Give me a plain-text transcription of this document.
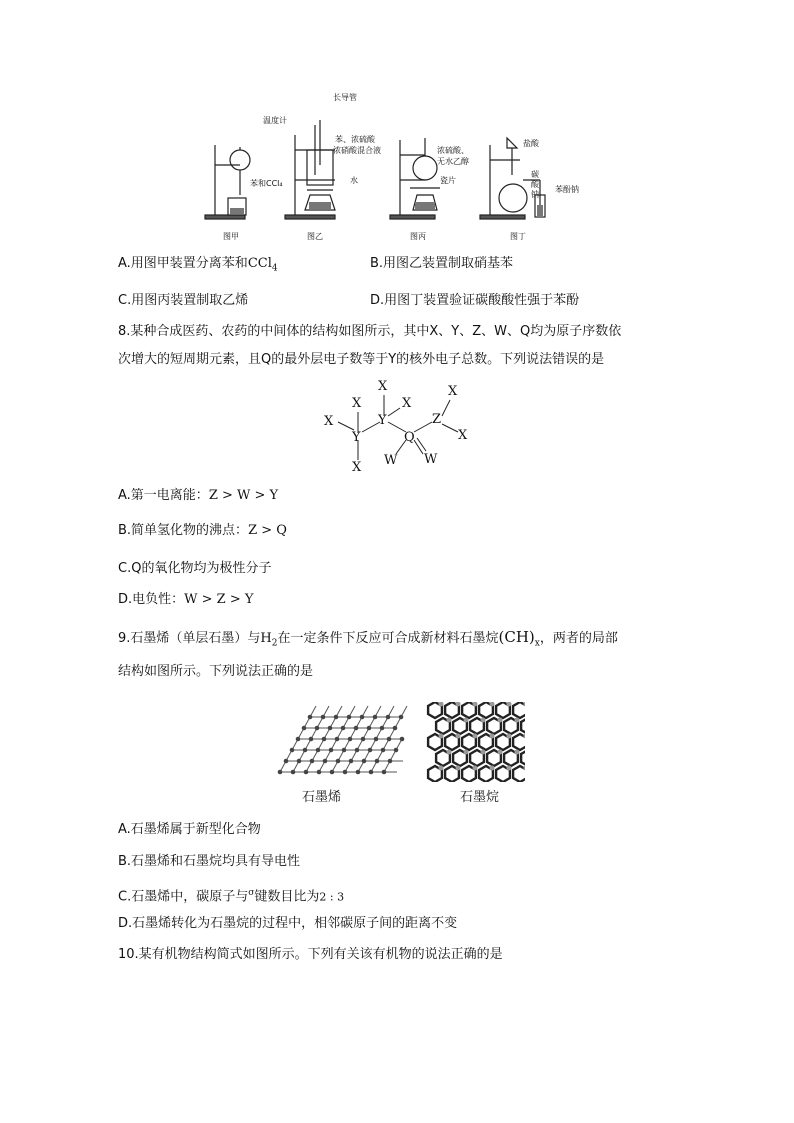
苯和CCl₄
长导管
温度计
苯、浓硫酸
浓硝酸混合液
水
浓硫酸、
无水乙醇
瓷片
盐酸
碳酸钠
苯酚钠
图甲	图乙	图丙	图丁
A.用图甲装置分离苯和CCl$_4$	B.用图乙装置制取硝基苯
C.用图丙装置制取乙烯	D.用图丁装置验证碳酸酸性强于苯酚
8.某种合成医药、农药的中间体的结构如图所示，其中X、Y、Z、W、Q均为原子序数依
次增大的短周期元素，且Q的最外层电子数等于Y的核外电子总数。下列说法错误的是
X
X
Y
X
X
Y
X
Q
Z
X
X
W W
A.第一电离能：Z > W > Y
B.简单氢化物的沸点：Z > Q
C.Q的氧化物均为极性分子
D.电负性：W > Z > Y
9.石墨烯（单层石墨）与$H_2$在一定条件下反应可合成新材料石墨烷$(CH)_x$，两者的局部
结构如图所示。下列说法正确的是
石墨烯	石墨烷
A.石墨烯属于新型化合物
B.石墨烯和石墨烷均具有导电性
C.石墨烯中，碳原子与$^\sigma$键数目比为2 : 3
D.石墨烯转化为石墨烷的过程中，相邻碳原子间的距离不变
10.某有机物结构简式如图所示。下列有关该有机物的说法正确的是
